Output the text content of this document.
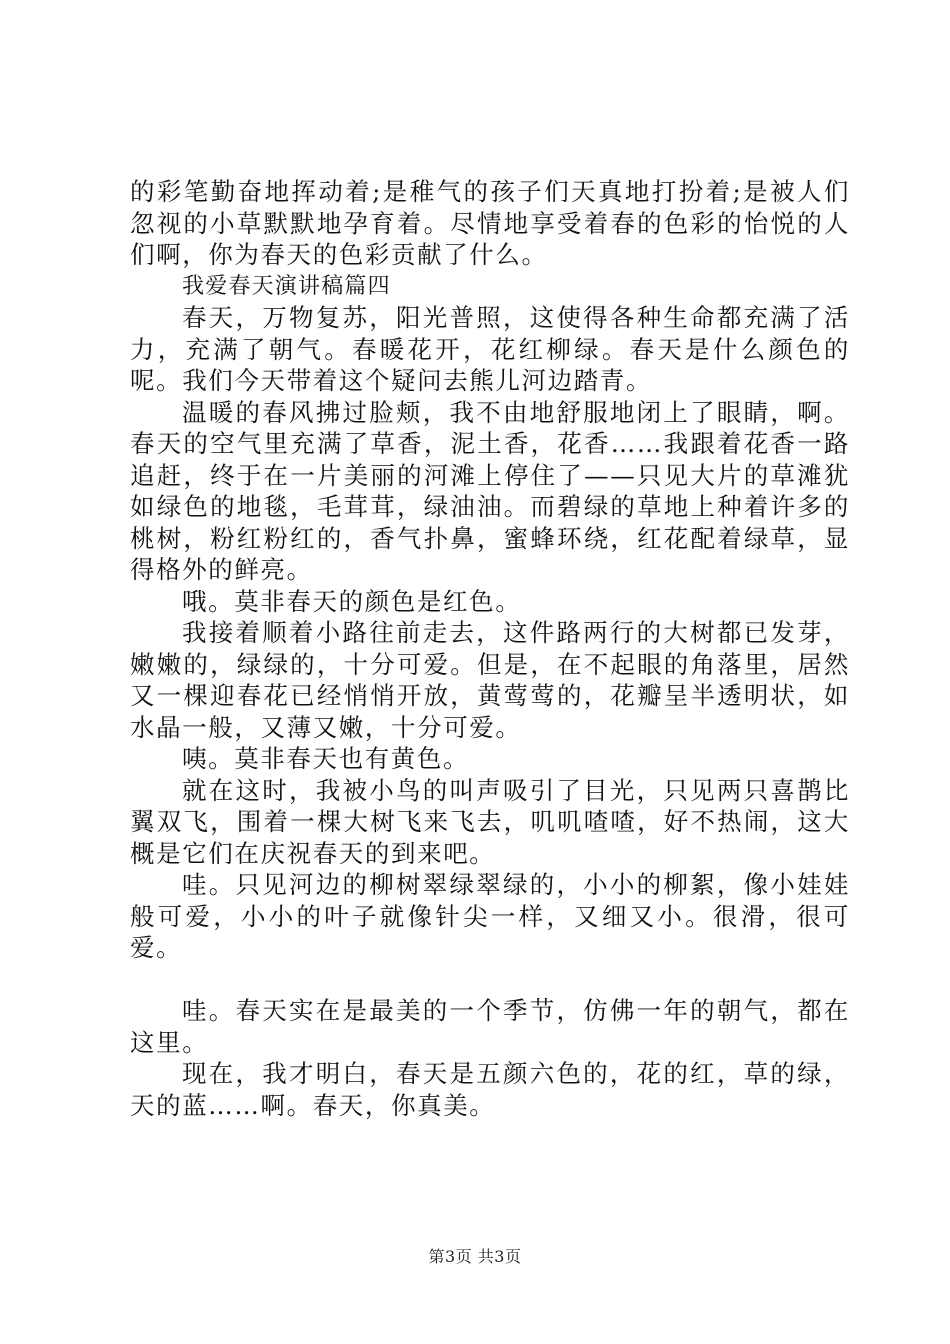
的彩笔勤奋地挥动着;是稚气的孩子们天真地打扮着;是被人们忽视的小草默默地孕育着。尽情地享受着春的色彩的怡悦的人们啊，你为春天的色彩贡献了什么。

我爱春天演讲稿篇四

春天，万物复苏，阳光普照，这使得各种生命都充满了活力，充满了朝气。春暖花开，花红柳绿。春天是什么颜色的呢。我们今天带着这个疑问去熊儿河边踏青。

温暖的春风拂过脸颊，我不由地舒服地闭上了眼睛，啊。春天的空气里充满了草香，泥土香，花香……我跟着花香一路追赶，终于在一片美丽的河滩上停住了——只见大片的草滩犹如绿色的地毯，毛茸茸，绿油油。而碧绿的草地上种着许多的桃树，粉红粉红的，香气扑鼻，蜜蜂环绕，红花配着绿草，显得格外的鲜亮。

哦。莫非春天的颜色是红色。

我接着顺着小路往前走去，这件路两行的大树都已发芽，嫩嫩的，绿绿的，十分可爱。但是，在不起眼的角落里，居然又一棵迎春花已经悄悄开放，黄莺莺的，花瓣呈半透明状，如水晶一般，又薄又嫩，十分可爱。

咦。莫非春天也有黄色。

就在这时，我被小鸟的叫声吸引了目光，只见两只喜鹊比翼双飞，围着一棵大树飞来飞去，叽叽喳喳，好不热闹，这大概是它们在庆祝春天的到来吧。

哇。只见河边的柳树翠绿翠绿的，小小的柳絮，像小娃娃般可爱，小小的叶子就像针尖一样，又细又小。很滑，很可爱。

哇。春天实在是最美的一个季节，仿佛一年的朝气，都在这里。

现在，我才明白，春天是五颜六色的，花的红，草的绿，天的蓝……啊。春天，你真美。

第3页 共3页
